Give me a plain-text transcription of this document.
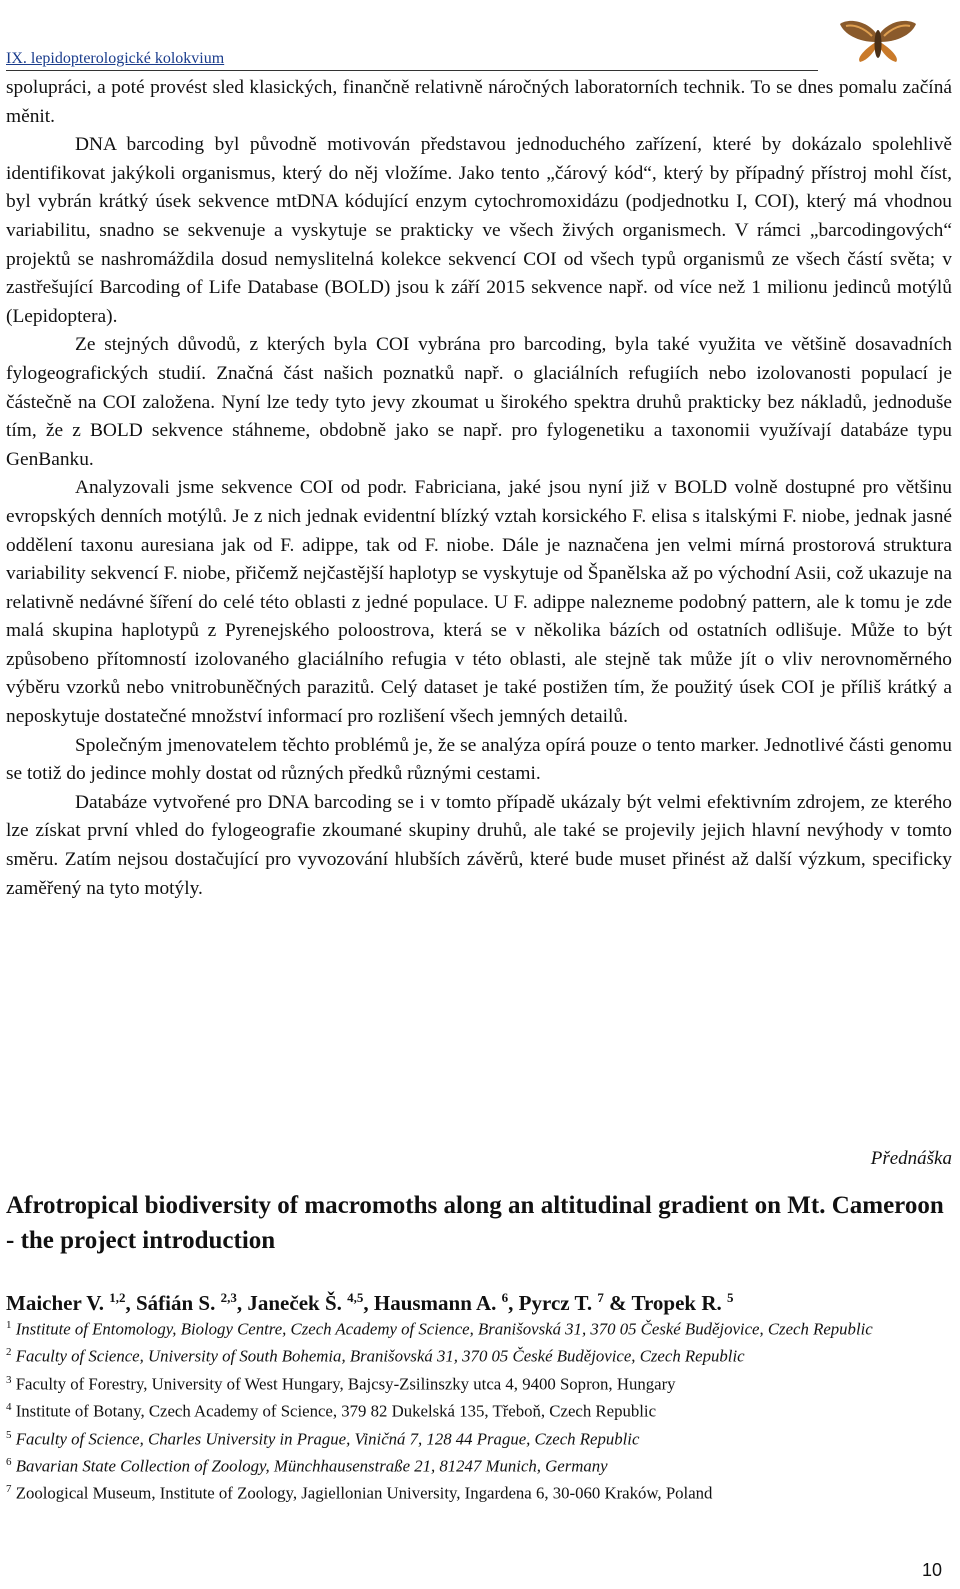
IX. lepidopterologické kolokvium

spolupráci, a poté provést sled klasických, finančně relativně náročných laboratorních technik. To se dnes pomalu začíná měnit.

DNA barcoding byl původně motivován představou jednoduchého zařízení, které by dokázalo spolehlivě identifikovat jakýkoli organismus, který do něj vložíme. Jako tento „čárový kód“, který by případný přístroj mohl číst, byl vybrán krátký úsek sekvence mtDNA kódující enzym cytochromoxidázu (podjednotku I, COI), který má vhodnou variabilitu, snadno se sekvenuje a vyskytuje se prakticky ve všech živých organismech. V rámci „barcodingových“ projektů se nashromáždila dosud nemyslitelná kolekce sekvencí COI od všech typů organismů ze všech částí světa; v zastřešující Barcoding of Life Database (BOLD) jsou k září 2015 sekvence např. od více než 1 milionu jedinců motýlů (Lepidoptera).

Ze stejných důvodů, z kterých byla COI vybrána pro barcoding, byla také využita ve většině dosavadních fylogeografických studií. Značná část našich poznatků např. o glaciálních refugiích nebo izolovanosti populací je částečně na COI založena. Nyní lze tedy tyto jevy zkoumat u širokého spektra druhů prakticky bez nákladů, jednoduše tím, že z BOLD sekvence stáhneme, obdobně jako se např. pro fylogenetiku a taxonomii využívají databáze typu GenBanku.

Analyzovali jsme sekvence COI od podr. Fabriciana, jaké jsou nyní již v BOLD volně dostupné pro většinu evropských denních motýlů. Je z nich jednak evidentní blízký vztah korsického F. elisa s italskými F. niobe, jednak jasné oddělení taxonu auresiana jak od F. adippe, tak od F. niobe. Dále je naznačena jen velmi mírná prostorová struktura variability sekvencí F. niobe, přičemž nejčastější haplotyp se vyskytuje od Španělska až po východní Asii, což ukazuje na relativně nedávné šíření do celé této oblasti z jedné populace. U F. adippe nalezneme podobný pattern, ale k tomu je zde malá skupina haplotypů z Pyrenejského poloostrova, která se v několika bázích od ostatních odlišuje. Může to být způsobeno přítomností izolovaného glaciálního refugia v této oblasti, ale stejně tak může jít o vliv nerovnoměrného výběru vzorků nebo vnitrobuněčných parazitů. Celý dataset je také postižen tím, že použitý úsek COI je příliš krátký a neposkytuje dostatečné množství informací pro rozlišení všech jemných detailů.

Společným jmenovatelem těchto problémů je, že se analýza opírá pouze o tento marker. Jednotlivé části genomu se totiž do jedince mohly dostat od různých předků různými cestami.

Databáze vytvořené pro DNA barcoding se i v tomto případě ukázaly být velmi efektivním zdrojem, ze kterého lze získat první vhled do fylogeografie zkoumané skupiny druhů, ale také se projevily jejich hlavní nevýhody v tomto směru. Zatím nejsou dostačující pro vyvozování hlubších závěrů, které bude muset přinést až další výzkum, specificky zaměřený na tyto motýly.

Přednáška
Afrotropical biodiversity of macromoths along an altitudinal gradient on Mt. Cameroon - the project introduction
Maicher V. $^{1,2}$, Sáfián S. $^{2,3}$, Janeček Š. $^{4,5}$, Hausmann A. $^6$, Pyrcz T. $^7$ & Tropek R. $^5$
$^1$ Institute of Entomology, Biology Centre, Czech Academy of Science, Branišovská 31, 370 05 České Budějovice, Czech Republic
$^2$ Faculty of Science, University of South Bohemia, Branišovská 31, 370 05 České Budějovice, Czech Republic
$^3$ Faculty of Forestry, University of West Hungary, Bajcsy-Zsilinszky utca 4, 9400 Sopron, Hungary
$^4$ Institute of Botany, Czech Academy of Science, 379 82 Dukelská 135, Třeboň, Czech Republic
$^5$ Faculty of Science, Charles University in Prague, Viničná 7, 128 44 Prague, Czech Republic
$^6$ Bavarian State Collection of Zoology, Münchhausenstraße 21, 81247 Munich, Germany
$^7$ Zoological Museum, Institute of Zoology, Jagiellonian University, Ingardena 6, 30-060 Kraków, Poland
10
